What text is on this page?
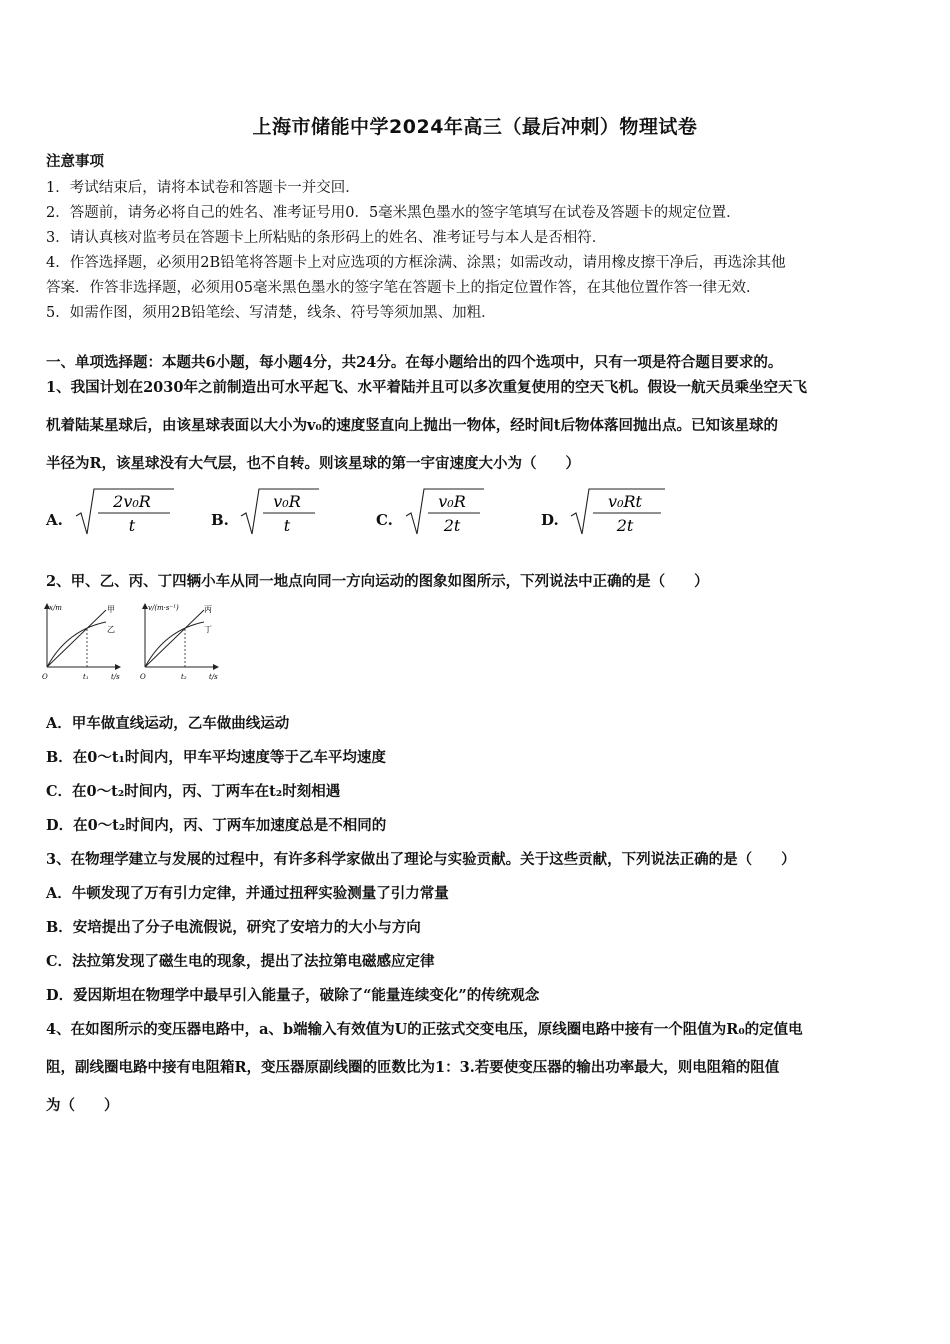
上海市储能中学2024年高三（最后冲刺）物理试卷
注意事项
1．考试结束后，请将本试卷和答题卡一并交回．
2．答题前，请务必将自己的姓名、准考证号用0．5毫米黑色墨水的签字笔填写在试卷及答题卡的规定位置．
3．请认真核对监考员在答题卡上所粘贴的条形码上的姓名、准考证号与本人是否相符．
4．作答选择题，必须用2B铅笔将答题卡上对应选项的方框涂满、涂黑；如需改动，请用橡皮擦干净后，再选涂其他
答案．作答非选择题，必须用05毫米黑色墨水的签字笔在答题卡上的指定位置作答，在其他位置作答一律无效．
5．如需作图，须用2B铅笔绘、写清楚，线条、符号等须加黑、加粗．
一、单项选择题：本题共6小题，每小题4分，共24分。在每小题给出的四个选项中，只有一项是符合题目要求的。
1、我国计划在2030年之前制造出可水平起飞、水平着陆并且可以多次重复使用的空天飞机。假设一航天员乘坐空天飞
机着陆某星球后，由该星球表面以大小为v₀的速度竖直向上抛出一物体，经时间t后物体落回抛出点。已知该星球的
半径为R，该星球没有大气层，也不自转。则该星球的第一宇宙速度大小为（　　）
A.
2v₀R
t	B.
v₀R
t	C.
v₀R
2t	D.
v₀Rt
2t
2、甲、乙、丙、丁四辆小车从同一地点向同一方向运动的图象如图所示，下列说法中正确的是（　　）
x/m
t/s
O	t₁
甲
乙
v/(m·s⁻¹)
t/s
O	t₂
丙
丁
A．甲车做直线运动，乙车做曲线运动
B．在0～t₁时间内，甲车平均速度等于乙车平均速度
C．在0～t₂时间内，丙、丁两车在t₂时刻相遇
D．在0～t₂时间内，丙、丁两车加速度总是不相同的
3、在物理学建立与发展的过程中，有许多科学家做出了理论与实验贡献。关于这些贡献，下列说法正确的是（　　）
A．牛顿发现了万有引力定律，并通过扭秤实验测量了引力常量
B．安培提出了分子电流假说，研究了安培力的大小与方向
C．法拉第发现了磁生电的现象，提出了法拉第电磁感应定律
D．爱因斯坦在物理学中最早引入能量子，破除了“能量连续变化”的传统观念
4、在如图所示的变压器电路中，a、b端输入有效值为U的正弦式交变电压，原线圈电路中接有一个阻值为R₀的定值电
阻，副线圈电路中接有电阻箱R，变压器原副线圈的匝数比为1：3.若要使变压器的输出功率最大，则电阻箱的阻值
为（　　）
